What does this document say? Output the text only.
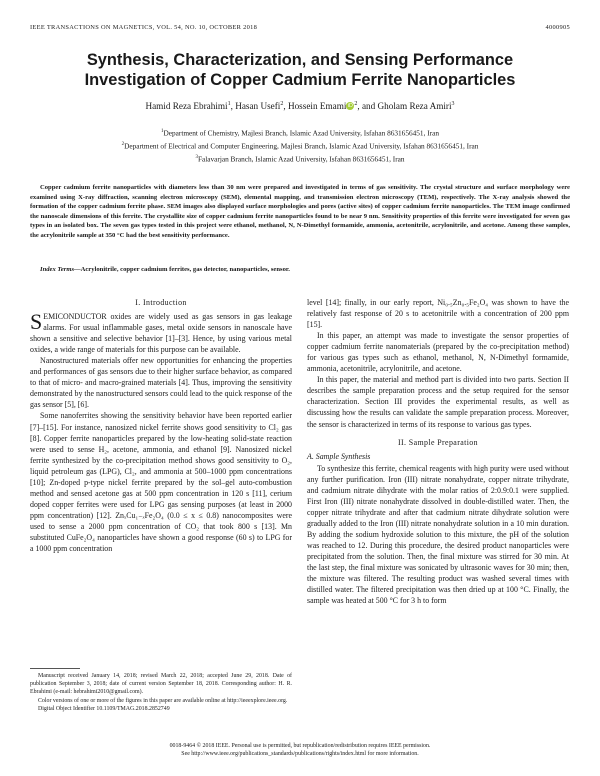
IEEE TRANSACTIONS ON MAGNETICS, VOL. 54, NO. 10, OCTOBER 2018	4000905
Synthesis, Characterization, and Sensing Performance Investigation of Copper Cadmium Ferrite Nanoparticles
Hamid Reza Ebrahimi$^1$, Hasan Usefi$^2$, Hossein EmamiiD$^2$, and Gholam Reza Amiri$^3$
$^1$Department of Chemistry, Majlesi Branch, Islamic Azad University, Isfahan 8631656451, Iran
$^2$Department of Electrical and Computer Engineering, Majlesi Branch, Islamic Azad University, Isfahan 8631656451, Iran
$^3$Falavarjan Branch, Islamic Azad University, Isfahan 8631656451, Iran
Copper cadmium ferrite nanoparticles with diameters less than 30 nm were prepared and investigated in terms of gas sensitivity. The crystal structure and surface morphology were examined using X-ray diffraction, scanning electron microscopy (SEM), elemental mapping, and transmission electron microscopy (TEM), respectively. The X-ray analysis showed the formation of the copper cadmium ferrite phase. SEM images also displayed surface morphologies and pores (active sites) of copper cadmium ferrite nanoparticles. The TEM image confirmed the nanoscale dimensions of this ferrite. The crystallite size of copper cadmium ferrite nanoparticles found to be near 9 nm. Sensitivity properties of this ferrite were investigated for seven gas types in an isolated box. The seven gas types tested in this project were ethanol, methanol, N, N-Dimethyl formamide, ammonia, acetonitrile, acrylonitrile, and acetone. Among these samples, the acrylonitrile sample at 350 °C had the best sensitivity performance.
Index Terms—Acrylonitrile, copper cadmium ferrites, gas detector, nanoparticles, sensor.
I. Introduction

SEMICONDUCTOR oxides are widely used as gas sensors in gas leakage alarms. For usual inflammable gases, metal oxide sensors in nanoscale have shown a sensitive and selective behavior [1]–[3]. Hence, by using various metal oxides, a wide range of materials for this purpose can be available.

Nanostructured materials offer new opportunities for enhancing the properties and performances of gas sensors due to their higher surface behavior, as compared to that of micro- and macro-grained materials [4]. Thus, improving the sensitivity demonstrated by the nanostructured sensors could lead to the quick response of the gas sensor [5], [6].

Some nanoferrites showing the sensitivity behavior have been reported earlier [7]–[15]. For instance, nanosized nickel ferrite shows good sensitivity to Cl₂ gas [8]. Copper ferrite nanoparticles prepared by the low-heating solid-state reaction were used to sense H₂, acetone, ammonia, and ethanol [9]. Nanosized nickel ferrite synthesized by the co-precipitation method shows good sensitivity to O₂, liquid petroleum gas (LPG), Cl₂, and ammonia at 500–1000 ppm concentrations [10]; Zn-doped p-type nickel ferrite prepared by the sol–gel auto-combustion method and sensed acetone gas at 500 ppm concentration in 120 s [11], cerium doped copper ferrites were used for LPG gas sensing purposes (at least in 2000 ppm concentration) [12]. ZnₓCu₁₋ₓFe₂O₄ (0.0 ≤ x ≤ 0.8) nanocomposites were used to sense a 2000 ppm concentration of CO₂ that took 800 s [13]. Mn substituted CuFe₂O₄ nanoparticles have shown a good response (60 s) to LPG for a 1000 ppm concentration

level [14]; finally, in our early report, Ni₀.₅Zn₀.₅Fe₂O₄ was shown to have the relatively fast response of 20 s to acetonitrile with a concentration of 200 ppm [15].

In this paper, an attempt was made to investigate the sensor properties of copper cadmium ferrite nanomaterials (prepared by the co-precipitation method) for various gas types such as ethanol, methanol, N, N-Dimethyl formamide, ammonia, acetonitrile, acrylonitrile, and acetone.

In this paper, the material and method part is divided into two parts. Section II describes the sample preparation process and the setup required for the sensor characterization. Section III provides the experimental results, as well as discussing how the results can validate the sample preparation process. Moreover, the sensor is characterized in terms of its response to various gas types.

II. Sample Preparation
A. Sample Synthesis

To synthesize this ferrite, chemical reagents with high purity were used without any further purification. Iron (III) nitrate nonahydrate, copper nitrate trihydrate, and cadmium nitrate dihydrate with the molar ratios of 2:0.9:0.1 were supplied. First Iron (III) nitrate nonahydrate dissolved in double-distilled water. Then, the copper nitrate trihydrate and after that cadmium nitrate dihydrate solution were gradually added to the Iron (III) nitrate nonahydrate solution in a 10 min duration. By adding the sodium hydroxide solution to this mixture, the pH of the solution was reached to 12. During this procedure, the desired product nanoparticles were precipitated from the solution. Then, the final mixture was stirred for 30 min. At the last step, the final mixture was sonicated by ultrasonic waves for 30 min; then, the mixture was filtered. The resulting product was washed several times with distilled water. The filtered precipitation was then dried up at 100 °C. Finally, the sample was heated at 500 °C for 3 h to form

Manuscript received January 14, 2018; revised March 22, 2018; accepted June 29, 2018. Date of publication September 3, 2018; date of current version September 18, 2018. Corresponding author: H. R. Ebrahimi (e-mail: hebrahimi2010@gmail.com).

Color versions of one or more of the figures in this paper are available online at http://ieeexplore.ieee.org.

Digital Object Identifier 10.1109/TMAG.2018.2852749

0018-9464 © 2018 IEEE. Personal use is permitted, but republication/redistribution requires IEEE permission.
See http://www.ieee.org/publications_standards/publications/rights/index.html for more information.
